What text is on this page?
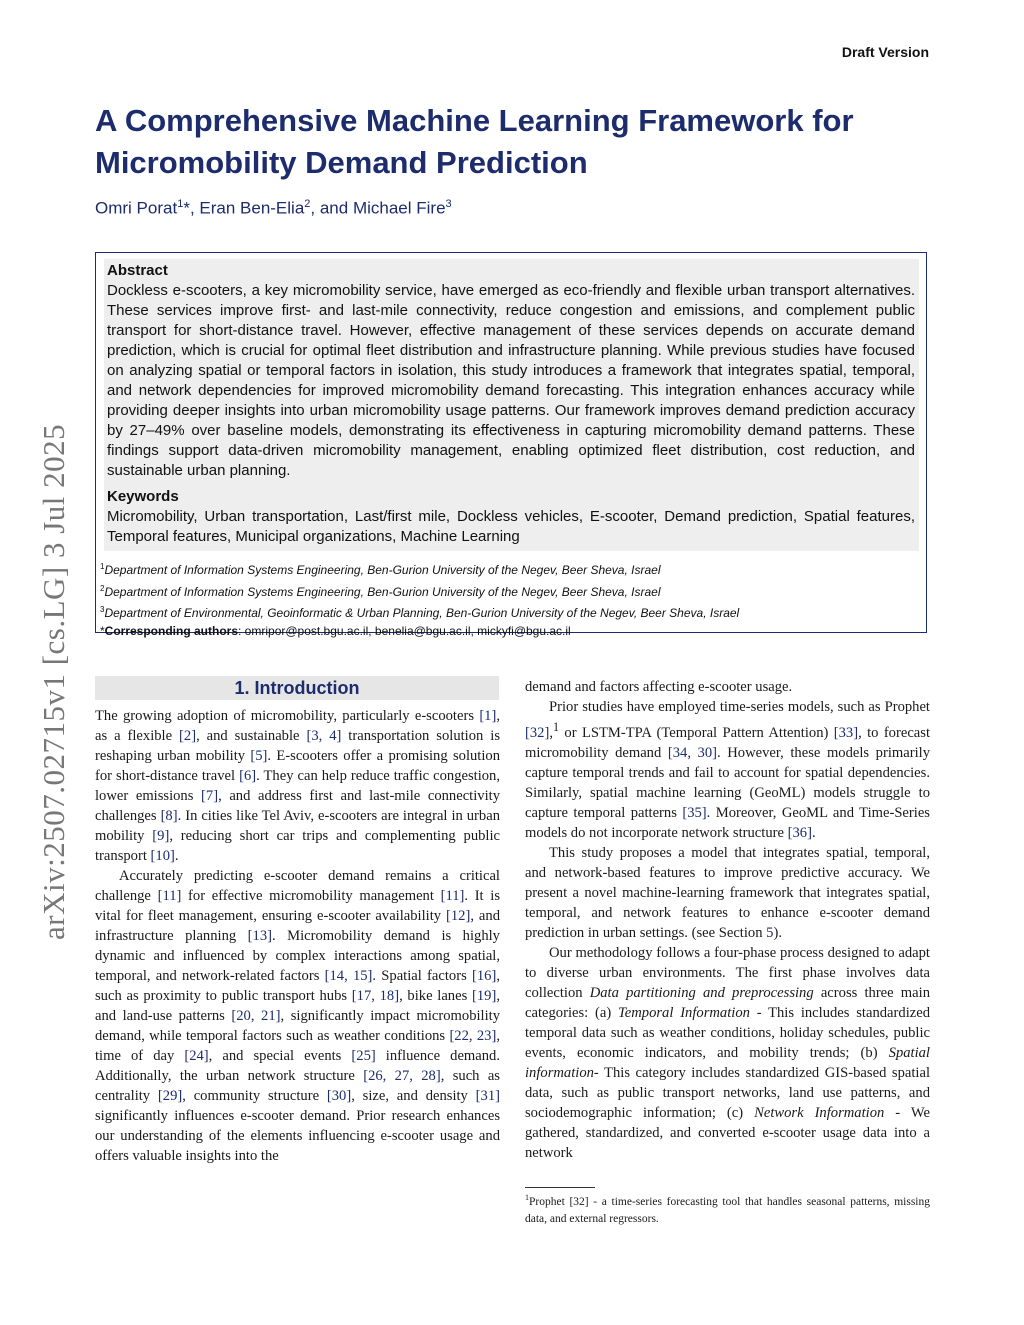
Draft Version
A Comprehensive Machine Learning Framework for Micromobility Demand Prediction
Omri Porat$^1$*, Eran Ben-Elia$^2$, and Michael Fire$^3$
Abstract

Dockless e-scooters, a key micromobility service, have emerged as eco-friendly and flexible urban transport alternatives. These services improve first- and last-mile connectivity, reduce congestion and emissions, and complement public transport for short-distance travel. However, effective management of these services depends on accurate demand prediction, which is crucial for optimal fleet distribution and infrastructure planning. While previous studies have focused on analyzing spatial or temporal factors in isolation, this study introduces a framework that integrates spatial, temporal, and network dependencies for improved micromobility demand forecasting. This integration enhances accuracy while providing deeper insights into urban micromobility usage patterns. Our framework improves demand prediction accuracy by 27–49% over baseline models, demonstrating its effectiveness in capturing micromobility demand patterns. These findings support data-driven micromobility management, enabling optimized fleet distribution, cost reduction, and sustainable urban planning.

Keywords

Micromobility, Urban transportation, Last/first mile, Dockless vehicles, E-scooter, Demand prediction, Spatial features, Temporal features, Municipal organizations, Machine Learning

$^1$Department of Information Systems Engineering, Ben-Gurion University of the Negev, Beer Sheva, Israel
$^2$Department of Information Systems Engineering, Ben-Gurion University of the Negev, Beer Sheva, Israel
$^3$Department of Environmental, Geoinformatic & Urban Planning, Ben-Gurion University of the Negev, Beer Sheva, Israel
*Corresponding authors: omripor@post.bgu.ac.il, benelia@bgu.ac.il, mickyfi@bgu.ac.il
arXiv:2507.02715v1 [cs.LG] 3 Jul 2025	1. Introduction

The growing adoption of micromobility, particularly e-scooters [1], as a flexible [2], and sustainable [3, 4] transportation solution is reshaping urban mobility [5]. E-scooters offer a promising solution for short-distance travel [6]. They can help reduce traffic congestion, lower emissions [7], and address first and last-mile connectivity challenges [8]. In cities like Tel Aviv, e-scooters are integral in urban mobility [9], reducing short car trips and complementing public transport [10].

Accurately predicting e-scooter demand remains a critical challenge [11] for effective micromobility management [11]. It is vital for fleet management, ensuring e-scooter availability [12], and infrastructure planning [13]. Micromobility demand is highly dynamic and influenced by complex interactions among spatial, temporal, and network-related factors [14, 15]. Spatial factors [16], such as proximity to public transport hubs [17, 18], bike lanes [19], and land-use patterns [20, 21], significantly impact micromobility demand, while temporal factors such as weather conditions [22, 23], time of day [24], and special events [25] influence demand. Additionally, the urban network structure [26, 27, 28], such as centrality [29], community structure [30], size, and density [31] significantly influences e-scooter demand. Prior research enhances our understanding of the elements influencing e-scooter usage and offers valuable insights into the

demand and factors affecting e-scooter usage.

Prior studies have employed time-series models, such as Prophet [32],$^1$ or LSTM-TPA (Temporal Pattern Attention) [33], to forecast micromobility demand [34, 30]. However, these models primarily capture temporal trends and fail to account for spatial dependencies. Similarly, spatial machine learning (GeoML) models struggle to capture temporal patterns [35]. Moreover, GeoML and Time-Series models do not incorporate network structure [36].

This study proposes a model that integrates spatial, temporal, and network-based features to improve predictive accuracy. We present a novel machine-learning framework that integrates spatial, temporal, and network features to enhance e-scooter demand prediction in urban settings. (see Section 5).

Our methodology follows a four-phase process designed to adapt to diverse urban environments. The first phase involves data collection Data partitioning and preprocessing across three main categories: (a) Temporal Information - This includes standardized temporal data such as weather conditions, holiday schedules, public events, economic indicators, and mobility trends; (b) Spatial information- This category includes standardized GIS-based spatial data, such as public transport networks, land use patterns, and sociodemographic information; (c) Network Information - We gathered, standardized, and converted e-scooter usage data into a network

$^1$Prophet [32] - a time-series forecasting tool that handles seasonal patterns, missing data, and external regressors.
